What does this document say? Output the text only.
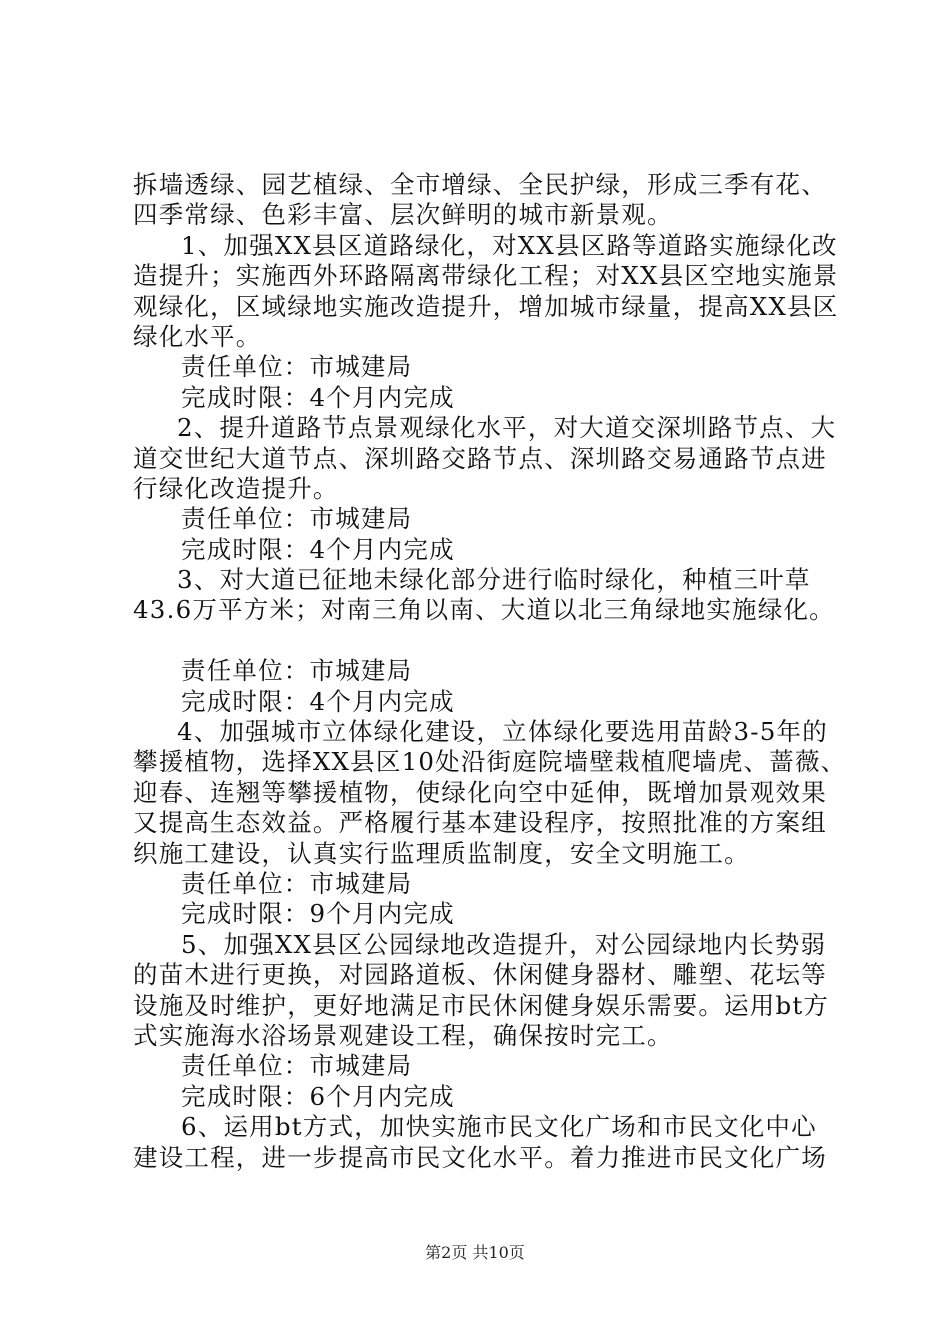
拆墙透绿、园艺植绿、全市增绿、全民护绿，形成三季有花、
四季常绿、色彩丰富、层次鲜明的城市新景观。
1、加强XX县区道路绿化，对XX县区路等道路实施绿化改
造提升；实施西外环路隔离带绿化工程；对XX县区空地实施景
观绿化，区域绿地实施改造提升，增加城市绿量，提高XX县区
绿化水平。
责任单位：市城建局
完成时限：4个月内完成
2、提升道路节点景观绿化水平，对大道交深圳路节点、大
道交世纪大道节点、深圳路交路节点、深圳路交易通路节点进
行绿化改造提升。
责任单位：市城建局
完成时限：4个月内完成
3、对大道已征地未绿化部分进行临时绿化，种植三叶草
43.6万平方米；对南三角以南、大道以北三角绿地实施绿化。
责任单位：市城建局
完成时限：4个月内完成
4、加强城市立体绿化建设，立体绿化要选用苗龄3-5年的
攀援植物，选择XX县区10处沿街庭院墙壁栽植爬墙虎、蔷薇、
迎春、连翘等攀援植物，使绿化向空中延伸，既增加景观效果
又提高生态效益。严格履行基本建设程序，按照批准的方案组
织施工建设，认真实行监理质监制度，安全文明施工。
责任单位：市城建局
完成时限：9个月内完成
5、加强XX县区公园绿地改造提升，对公园绿地内长势弱
的苗木进行更换，对园路道板、休闲健身器材、雕塑、花坛等
设施及时维护，更好地满足市民休闲健身娱乐需要。运用bt方
式实施海水浴场景观建设工程，确保按时完工。
责任单位：市城建局
完成时限：6个月内完成
6、运用bt方式，加快实施市民文化广场和市民文化中心
建设工程，进一步提高市民文化水平。着力推进市民文化广场
第2页 共10页
